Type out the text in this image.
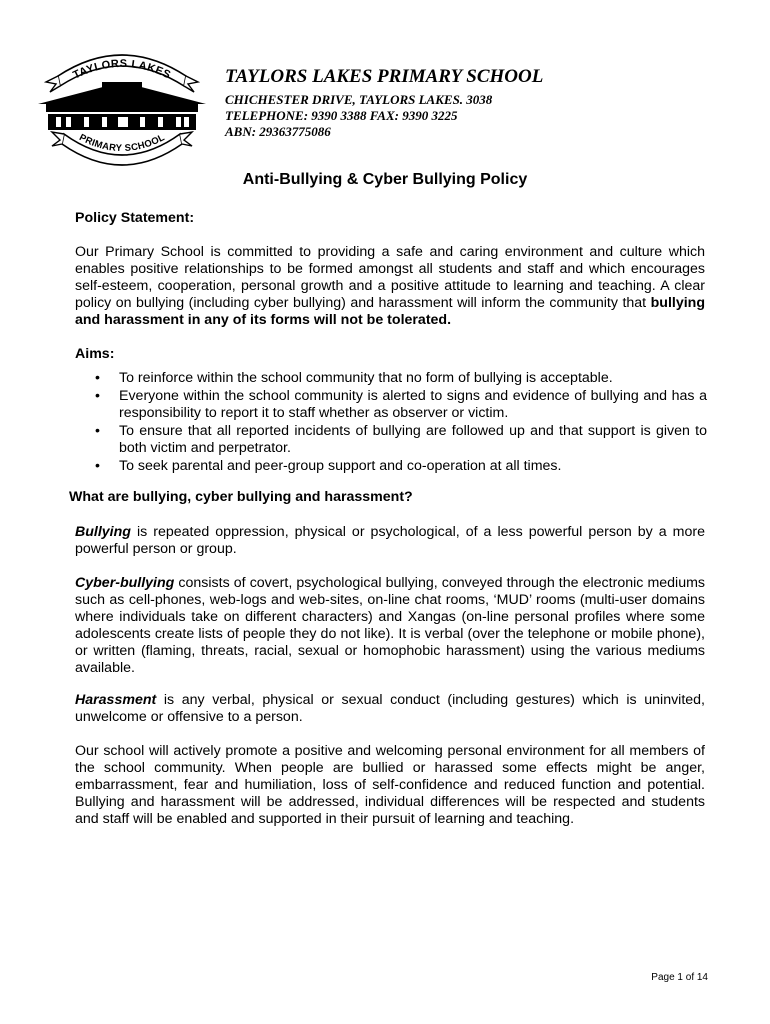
TAYLORS LAKES
PRIMARY SCHOOL

TAYLORS LAKES PRIMARY SCHOOL

CHICHESTER DRIVE, TAYLORS LAKES. 3038

TELEPHONE: 9390 3388 FAX: 9390 3225

ABN: 29363775086

Anti-Bullying & Cyber Bullying Policy

Policy Statement:

Our Primary School is committed to providing a safe and caring environment and culture which enables positive relationships to be formed amongst all students and staff and which encourages self-esteem, cooperation, personal growth and a positive attitude to learning and teaching. A clear policy on bullying (including cyber bullying) and harassment will inform the community that bullying and harassment in any of its forms will not be tolerated.

Aims:

• To reinforce within the school community that no form of bullying is acceptable.
• Everyone within the school community is alerted to signs and evidence of bullying and has a responsibility to report it to staff whether as observer or victim.
• To ensure that all reported incidents of bullying are followed up and that support is given to both victim and perpetrator.
• To seek parental and peer-group support and co-operation at all times.

What are bullying, cyber bullying and harassment?

Bullying is repeated oppression, physical or psychological, of a less powerful person by a more powerful person or group.

Cyber-bullying consists of covert, psychological bullying, conveyed through the electronic mediums such as cell-phones, web-logs and web-sites, on-line chat rooms, ‘MUD’ rooms (multi-user domains where individuals take on different characters) and Xangas (on-line personal profiles where some adolescents create lists of people they do not like). It is verbal (over the telephone or mobile phone), or written (flaming, threats, racial, sexual or homophobic harassment) using the various mediums available.

Harassment is any verbal, physical or sexual conduct (including gestures) which is uninvited, unwelcome or offensive to a person.

Our school will actively promote a positive and welcoming personal environment for all members of the school community. When people are bullied or harassed some effects might be anger, embarrassment, fear and humiliation, loss of self-confidence and reduced function and potential. Bullying and harassment will be addressed, individual differences will be respected and students and staff will be enabled and supported in their pursuit of learning and teaching.

Page 1 of 14
